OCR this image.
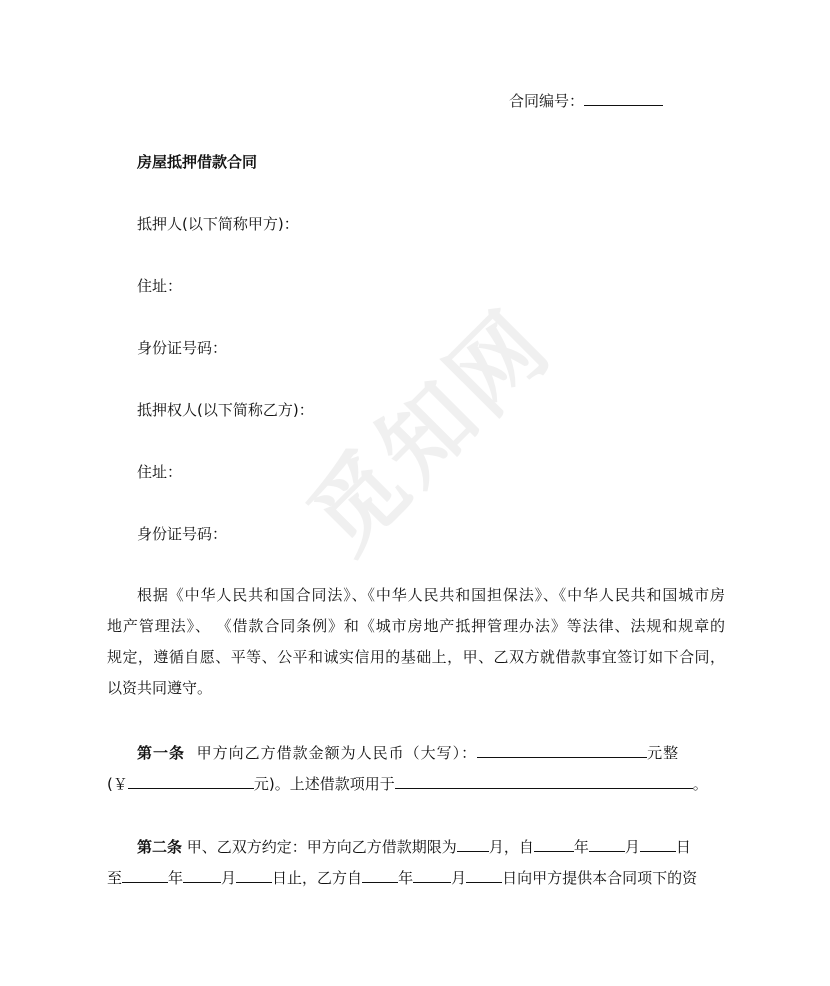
觅知网
合同编号：
房屋抵押借款合同
抵押人(以下简称甲方)：
住址：
身份证号码：
抵押权人(以下简称乙方)：
住址：
身份证号码：
根据《中华人民共和国合同法》、《中华人民共和国担保法》、《中华人民共和国城市房
地产管理法》、 《借款合同条例》和《城市房地产抵押管理办法》等法律、法规和规章的
规定，遵循自愿、平等、公平和诚实信用的基础上，甲、乙双方就借款事宜签订如下合同，
以资共同遵守。
第一条 甲方向乙方借款金额为人民币（大写）：	元整
(￥	元)。上述借款项用于	。
第二条 甲、乙双方约定：甲方向乙方借款期限为 月，自	年 月 日
至	年	月 日止，乙方自 年	月 日向甲方提供本合同项下的资
